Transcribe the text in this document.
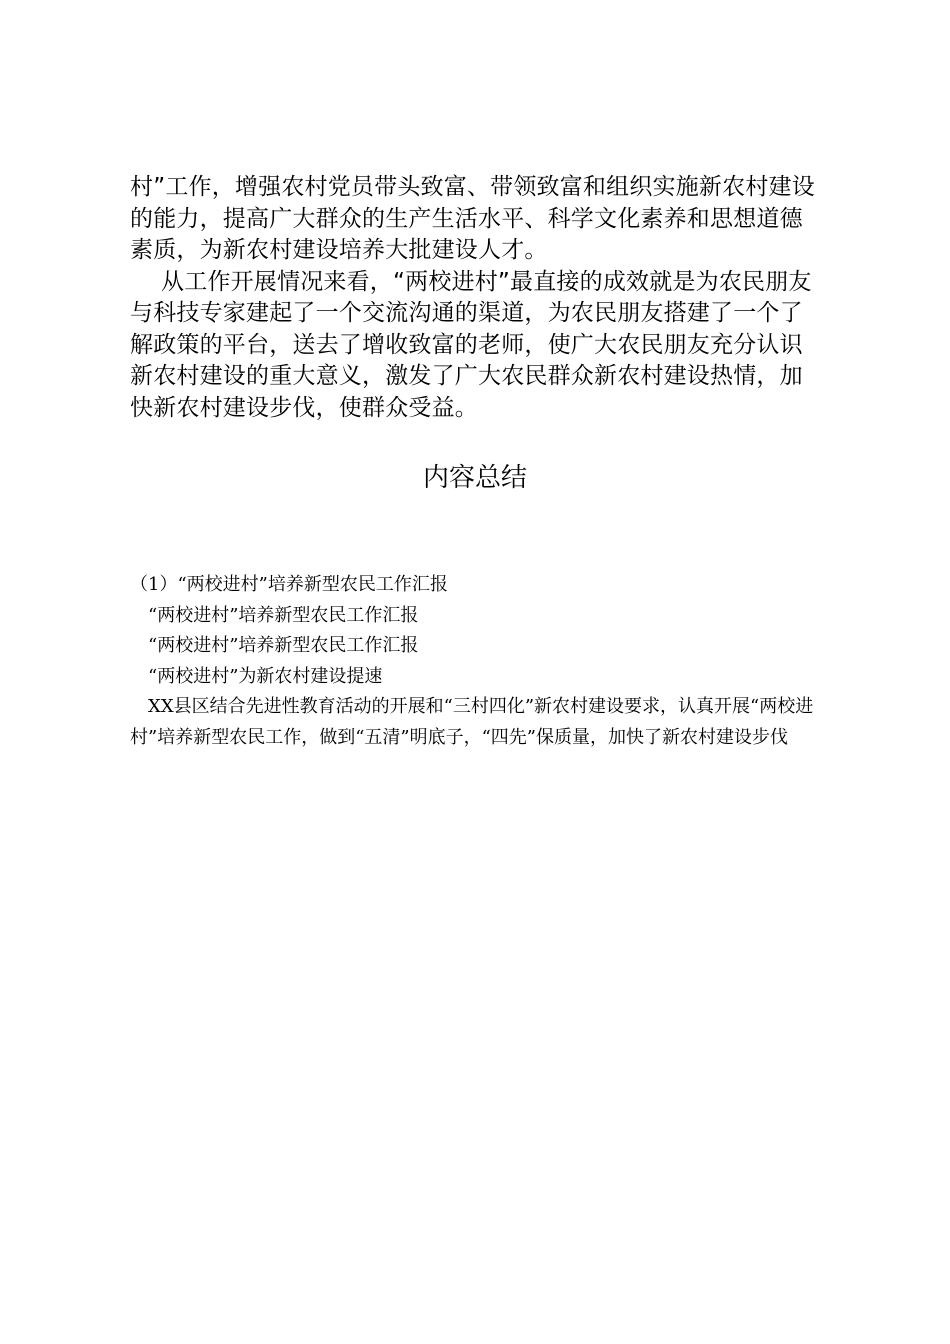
村”工作，增强农村党员带头致富、带领致富和组织实施新农村建设的能力，提高广大群众的生产生活水平、科学文化素养和思想道德素质，为新农村建设培养大批建设人才。

从工作开展情况来看，“两校进村”最直接的成效就是为农民朋友与科技专家建起了一个交流沟通的渠道，为农民朋友搭建了一个了解政策的平台，送去了增收致富的老师，使广大农民朋友充分认识新农村建设的重大意义，激发了广大农民群众新农村建设热情，加快新农村建设步伐，使群众受益。

内容总结

（1）“两校进村”培养新型农民工作汇报

“两校进村”培养新型农民工作汇报

“两校进村”培养新型农民工作汇报

“两校进村”为新农村建设提速

XX县区结合先进性教育活动的开展和“三村四化”新农村建设要求，认真开展“两校进村”培养新型农民工作，做到“五清”明底子，“四先”保质量，加快了新农村建设步伐
